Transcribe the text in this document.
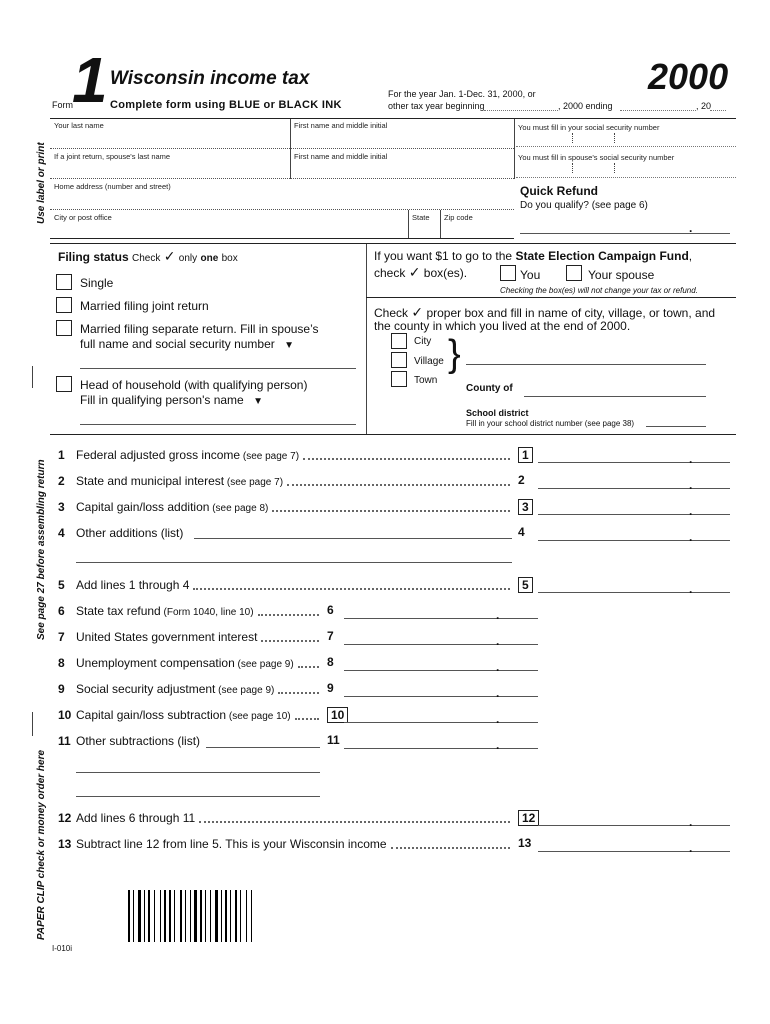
Form 1 Wisconsin income tax
Complete form using BLUE or BLACK INK
For the year Jan. 1-Dec. 31, 2000, or
other tax year beginning	, 2000 ending	, 20
2000
Use label or print
See page 27 before assembling return
PAPER CLIP check or money order here
Your last name	First name and middle initial	You must fill in your social security number
If a joint return, spouse's last name	First name and middle initial	You must fill in spouse's social security number
Home address (number and street)
City or post office	State Zip code
Quick Refund
Do you qualify? (see page 6)
.
Filing status Check ✓ only one box
Single
Married filing joint return
Married filing separate return. Fill in spouse’s
full name and social security number ▼
Head of household (with qualifying person)
Fill in qualifying person's name ▼
If you want $1 to go to the State Election Campaign Fund,
check ✓ box(es).	You	Your spouse
Checking the box(es) will not change your tax or refund.
Check ✓ proper box and fill in name of city, village, or town, and
the county in which you lived at the end of 2000.
City
Village
Town
}
County of
School district
Fill in your school district number (see page 38)
1 Federal adjusted gross income (see page 7)	1	.
2 State and municipal interest (see page 7)	2	.
3 Capital gain/loss addition (see page 8)	3	.
4 Other additions (list)	4	.
5 Add lines 1 through 4	5	.
6 State tax refund (Form 1040, line 10)	6	.
7 United States government interest	7	.
8 Unemployment compensation (see page 9)	8	.
9 Social security adjustment (see page 9)	9	.
10 Capital gain/loss subtraction (see page 10)	10	.
11 Other subtractions (list)	11	.
12 Add lines 6 through 11	12	.
13 Subtract line 12 from line 5. This is your Wisconsin income	13	.
I-010i
